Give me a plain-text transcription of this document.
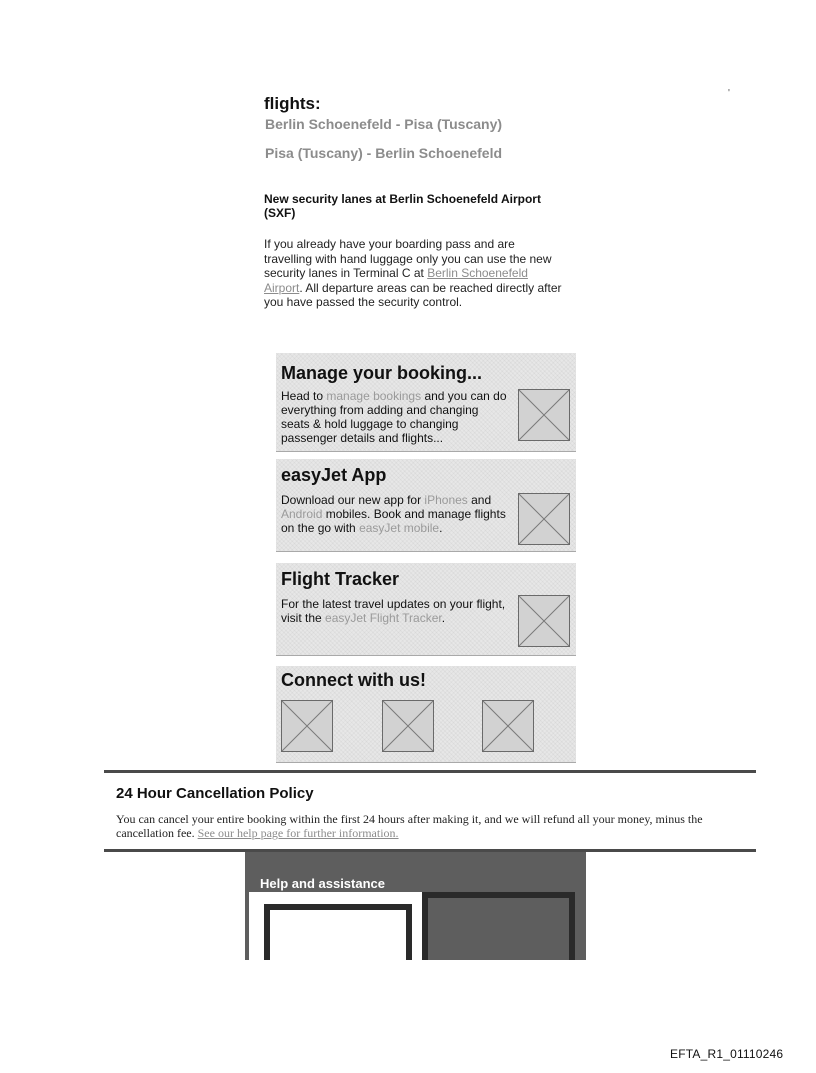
'
flights:
Berlin Schoenefeld - Pisa (Tuscany)
Pisa (Tuscany) - Berlin Schoenefeld
New security lanes at Berlin Schoenefeld Airport (SXF)
If you already have your boarding pass and are travelling with hand luggage only you can use the new security lanes in Terminal C at Berlin Schoenefeld Airport. All departure areas can be reached directly after you have passed the security control.
Manage your booking...
Head to manage bookings and you can do everything from adding and changing seats & hold luggage to changing passenger details and flights...
easyJet App
Download our new app for iPhones and Android mobiles. Book and manage flights on the go with easyJet mobile.
Flight Tracker
For the latest travel updates on your flight, visit the easyJet Flight Tracker.
Connect with us!
24 Hour Cancellation Policy
You can cancel your entire booking within the first 24 hours after making it, and we will refund all your money, minus the cancellation fee. See our help page for further information.
Help and assistance
EFTA_R1_01110246
